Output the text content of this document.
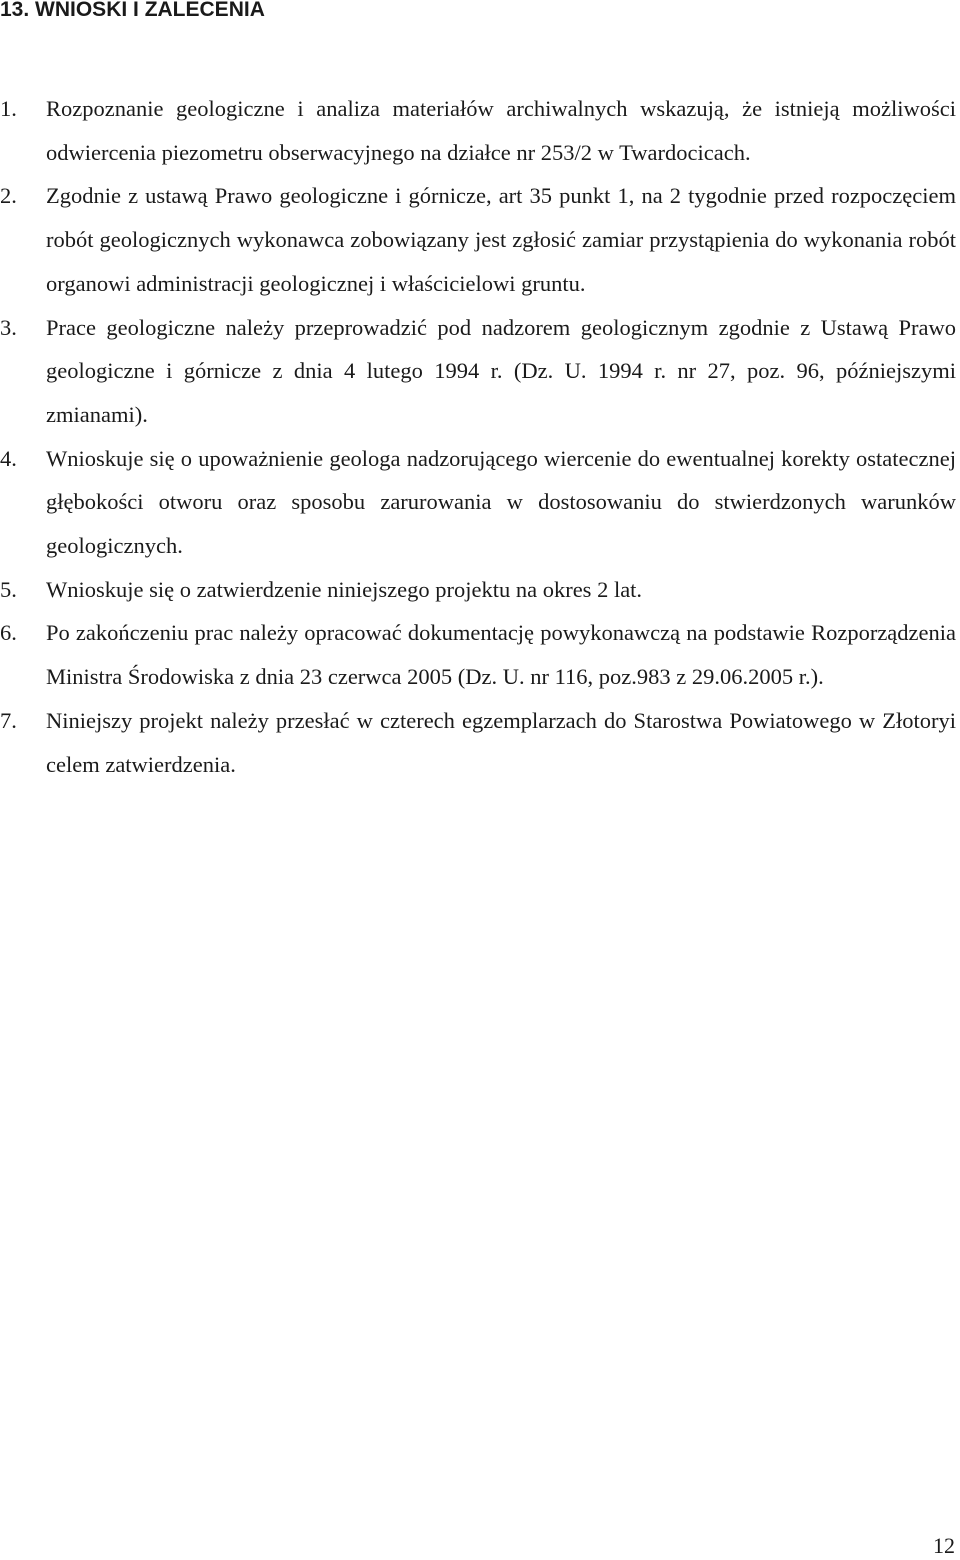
13. WNIOSKI I ZALECENIA
1. Rozpoznanie geologiczne i analiza materiałów archiwalnych wskazują, że istnieją możliwości odwiercenia piezometru obserwacyjnego na działce nr 253/2 w Twardocicach.
2. Zgodnie z ustawą Prawo geologiczne i górnicze, art 35 punkt 1, na 2 tygodnie przed rozpoczęciem robót geologicznych wykonawca zobowiązany jest zgłosić zamiar przystąpienia do wykonania robót organowi administracji geologicznej i właścicielowi gruntu.
3. Prace geologiczne należy przeprowadzić pod nadzorem geologicznym zgodnie z Ustawą Prawo geologiczne i górnicze z dnia 4 lutego 1994 r. (Dz. U. 1994 r. nr 27, poz. 96, późniejszymi zmianami).
4. Wnioskuje się o upoważnienie geologa nadzorującego wiercenie do ewentualnej korekty ostatecznej głębokości otworu oraz sposobu zarurowania w dostosowaniu do stwierdzonych warunków geologicznych.
5. Wnioskuje się o zatwierdzenie niniejszego projektu na okres 2 lat.
6. Po zakończeniu prac należy opracować dokumentację powykonawczą na podstawie Rozporządzenia Ministra Środowiska z dnia 23 czerwca 2005 (Dz. U. nr 116, poz.983 z 29.06.2005 r.).
7. Niniejszy projekt należy przesłać w czterech egzemplarzach do Starostwa Powiatowego w Złotoryi celem zatwierdzenia.
12
